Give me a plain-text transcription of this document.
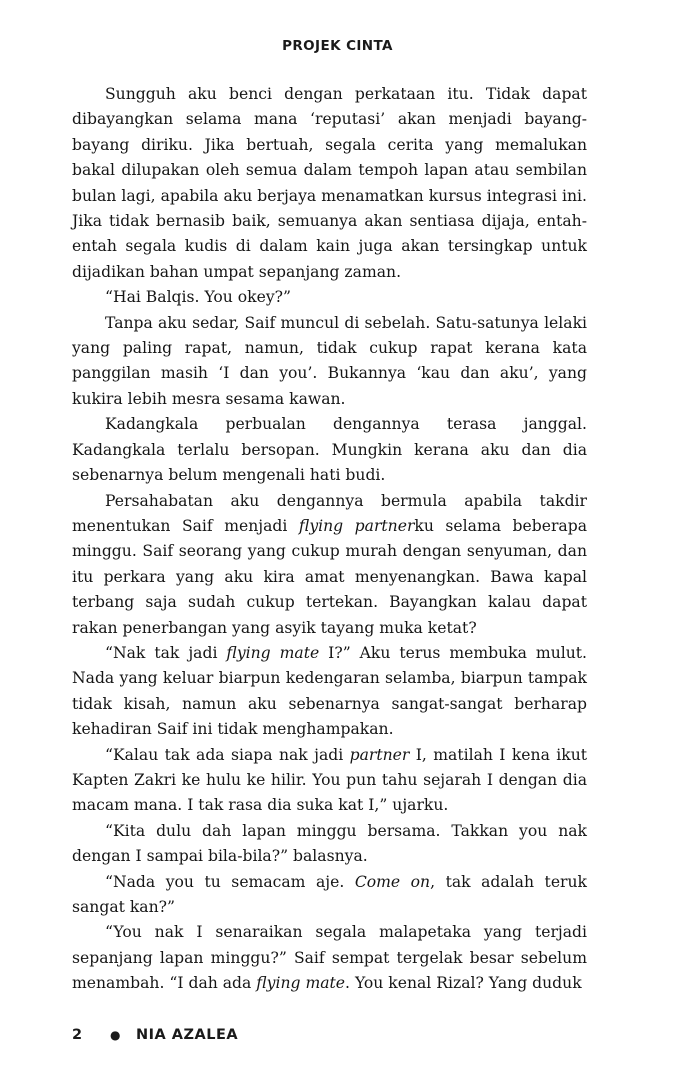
PROJEK CINTA

Sungguh aku benci dengan perkataan itu. Tidak dapat dibayangkan selama mana ‘reputasi’ akan menjadi bayang-bayang diriku. Jika bertuah, segala cerita yang memalukan bakal dilupakan oleh semua dalam tempoh lapan atau sembilan bulan lagi, apabila aku berjaya menamatkan kursus integrasi ini. Jika tidak bernasib baik, semuanya akan sentiasa dijaja, entah-entah segala kudis di dalam kain juga akan tersingkap untuk dijadikan bahan umpat sepanjang zaman.

“Hai Balqis. You okey?”

Tanpa aku sedar, Saif muncul di sebelah. Satu-satunya lelaki yang paling rapat, namun, tidak cukup rapat kerana kata panggilan masih ‘I dan you’. Bukannya ‘kau dan aku’, yang kukira lebih mesra sesama kawan.

Kadangkala perbualan dengannya terasa janggal. Kadangkala terlalu bersopan. Mungkin kerana aku dan dia sebenarnya belum mengenali hati budi.

Persahabatan aku dengannya bermula apabila takdir menentukan Saif menjadi flying partnerku selama beberapa minggu. Saif seorang yang cukup murah dengan senyuman, dan itu perkara yang aku kira amat menyenangkan. Bawa kapal terbang saja sudah cukup tertekan. Bayangkan kalau dapat rakan penerbangan yang asyik tayang muka ketat?

“Nak tak jadi flying mate I?” Aku terus membuka mulut. Nada yang keluar biarpun kedengaran selamba, biarpun tampak tidak kisah, namun aku sebenarnya sangat-sangat berharap kehadiran Saif ini tidak menghampakan.

“Kalau tak ada siapa nak jadi partner I, matilah I kena ikut Kapten Zakri ke hulu ke hilir. You pun tahu sejarah I dengan dia macam mana. I tak rasa dia suka kat I,” ujarku.

“Kita dulu dah lapan minggu bersama. Takkan you nak dengan I sampai bila-bila?” balasnya.

“Nada you tu semacam aje. Come on, tak adalah teruk sangat kan?”

“You nak I senaraikan segala malapetaka yang terjadi sepanjang lapan minggu?” Saif sempat tergelak besar sebelum menambah. “I dah ada flying mate. You kenal Rizal? Yang duduk

2	●	NIA AZALEA
